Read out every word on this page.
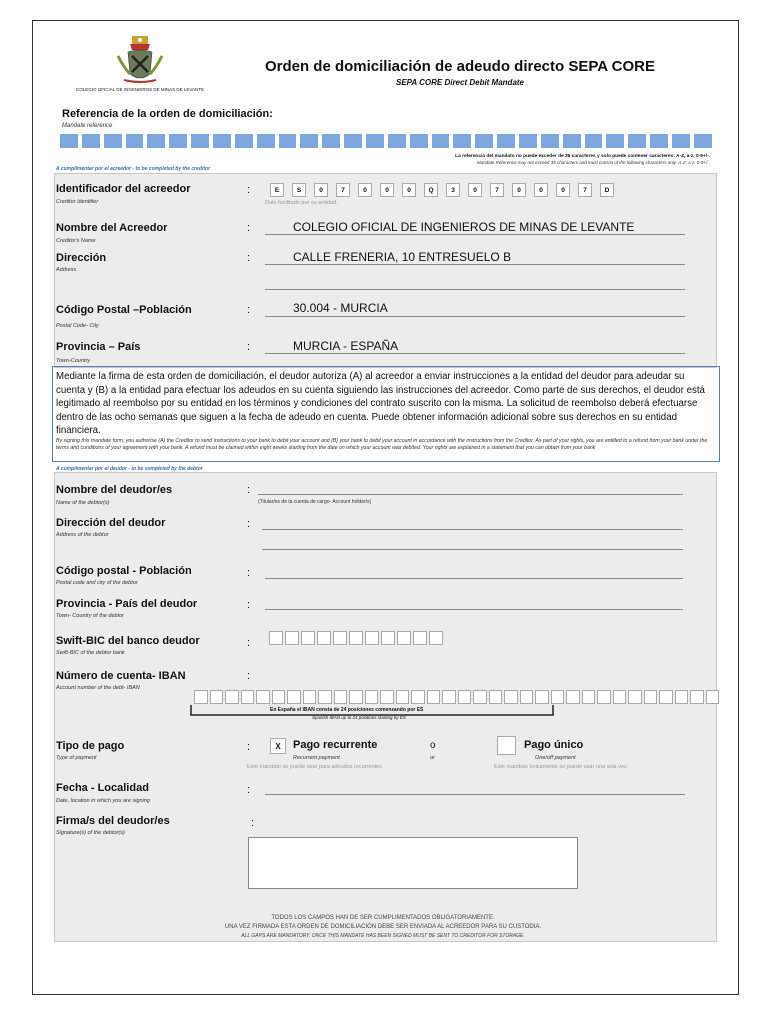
COLEGIO OFICIAL DE INGENIEROS DE MINAS DE LEVANTE
Orden de domiciliación de adeudo directo SEPA CORE
SEPA CORE Direct Debit Mandate
Referencia de la orden de domiciliación:
Mandate reference
La referencia del mandato no puede exceder de 35 caracteres y solo puede contener caracteres: A-Z, a-z, 0-9+/-.
Mandate Reference may not exceed 35 characters and must consist of the following characters only: A-Z, a-z, 0-9+/-.
A cumplimentar por el acreedor - to be completed by the creditor
Identificador del acreedor
Creditor Identifier
:	E	S	0	7	0	0	0	Q	3	0	7	0	0	0	7	D
Dato facilitado por su entidad.
Nombre del Acreedor
Creditor's Name
:	COLEGIO OFICIAL DE INGENIEROS DE MINAS DE LEVANTE
Dirección
Address
:	CALLE FRENERIA, 10 ENTRESUELO B
Código Postal –Población
Postal Code- City
:	30.004 - MURCIA
Provincia – País
Town-Country
:	MURCIA - ESPAÑA
Mediante la firma de esta orden de domiciliación, el deudor autoriza (A) al acreedor a enviar instrucciones a la entidad del deudor para adeudar su cuenta y (B) a la entidad para efectuar los adeudos en su cuenta siguiendo las instrucciones del acreedor. Como parte de sus derechos, el deudor está legitimado al reembolso por su entidad en los términos y condiciones del contrato suscrito con la misma. La solicitud de reembolso deberá efectuarse dentro de las ocho semanas que siguen a la fecha de adeudo en cuenta. Puede obtener información adicional sobre sus derechos en su entidad financiera.
By signing this mandate form, you authorise (A) the Creditor to send instructions to your bank to debit your account and (B) your bank to debit your account in accordance with the instructions from the Creditor. As part of your rights, you are entitled to a refund from your bank under the terms and conditions of your agreement with your bank. A refund must be claimed within eight weeks starting from the date on which your account was debited. Your rights are explained in a statement that you can obtain from your bank
A cumplimentar por el deudor - to be completed by the debtor
Nombre del deudor/es
Name of the debtor(s)
:
(Titular/es de la cuenta de cargo- Account holder/s)
Dirección del deudor
Address of the debtor
:
Código postal - Población
Postal code and city of the debtor
:
Provincia - País del deudor
Town- Country of the debtor
:
Swift-BIC del banco deudor
Swift-BIC of the debtor bank
:
Número de cuenta- IBAN
Account number of the debt- IBAN
:
En España el IBAN consta de 24 posiciones comenzando por ES
Spanish IBAN up to 24 positions starting by ES
Tipo de pago
Type of payment
:	X	Pago recurrente
Recurrent payment
Este mandato se puede usar para adeudos recurrentes
o
or
Pago único
One/off payment
Este mandato únicamente se puede usar una sola vez
Fecha - Localidad
Date, location in which you are signing
:
Firma/s del deudor/es
Signature(s) of the debtor(s)
:
TODOS LOS CAMPOS HAN DE SER CUMPLIMENTADOS OBLIGATORIAMENTE.
UNA VEZ FIRMADA ESTA ORDEN DE DOMICILIACIÓN DEBE SER ENVIADA AL ACREEDOR PARA SU CUSTODIA.
ALL GAPS ARE MANDATORY. ONCE THIS MANDATE HAS BEEN SIGNED MUST BE SENT TO CREDITOR FOR STORAGE.
